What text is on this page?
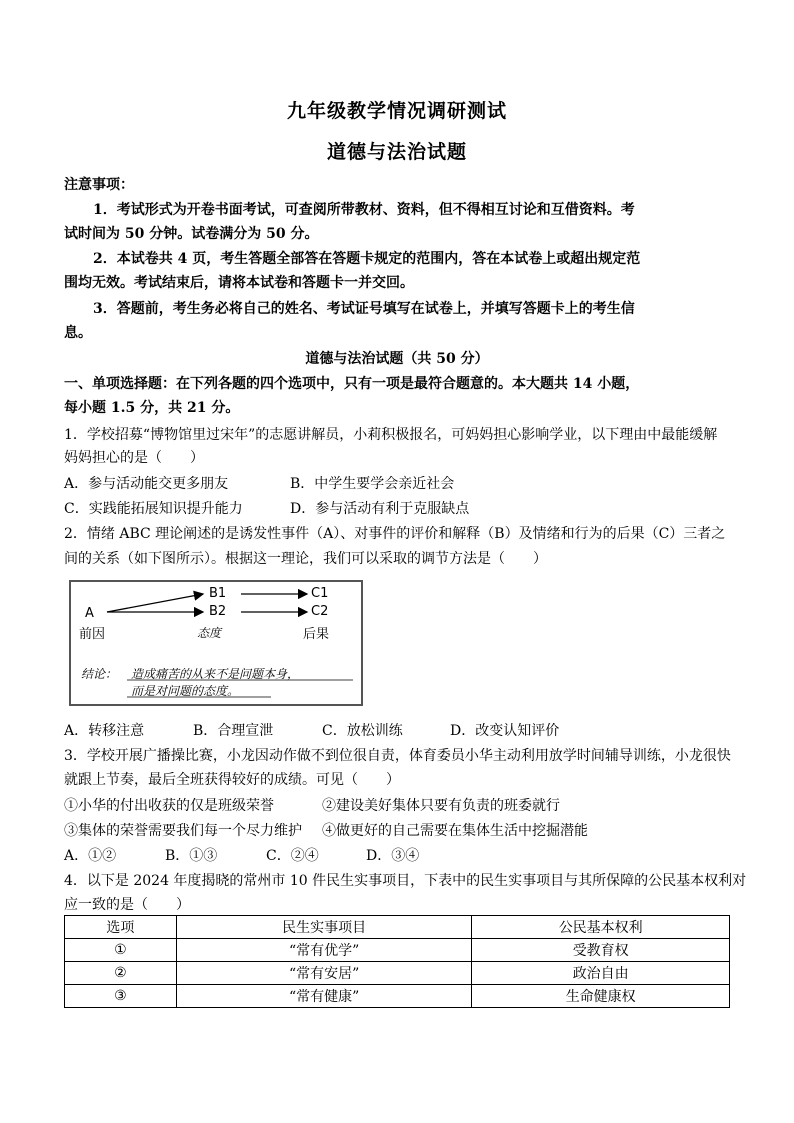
九年级教学情况调研测试
道德与法治试题
注意事项：
1．考试形式为开卷书面考试，可查阅所带教材、资料，但不得相互讨论和互借资料。考
试时间为 50 分钟。试卷满分为 50 分。
2．本试卷共 4 页，考生答题全部答在答题卡规定的范围内，答在本试卷上或超出规定范
围均无效。考试结束后，请将本试卷和答题卡一并交回。
3．答题前，考生务必将自己的姓名、考试证号填写在试卷上，并填写答题卡上的考生信
息。
道德与法治试题（共 50 分）
一、单项选择题：在下列各题的四个选项中，只有一项是最符合题意的。本大题共 14 小题，
每小题 1.5 分，共 21 分。
1．学校招募“博物馆里过宋年”的志愿讲解员，小莉积极报名，可妈妈担心影响学业，以下理由中最能缓解
妈妈担心的是（　　）
A．参与活动能交更多朋友	B．中学生要学会亲近社会
C．实践能拓展知识提升能力	D．参与活动有利于克服缺点
2．情绪 ABC 理论阐述的是诱发性事件（A）、对事件的评价和解释（B）及情绪和行为的后果（C）三者之
间的关系（如下图所示）。根据这一理论，我们可以采取的调节方法是（　　）
A
B1
B2
C1
C2
前因	态度	后果
结论： 造成痛苦的从来不是问题本身，
而是对问题的态度。
A．转移注意	B．合理宣泄	C．放松训练	D．改变认知评价
3．学校开展广播操比赛，小龙因动作做不到位很自责，体育委员小华主动利用放学时间辅导训练，小龙很快
就跟上节奏，最后全班获得较好的成绩。可见（　　）
①小华的付出收获的仅是班级荣誉	②建设美好集体只要有负责的班委就行
③集体的荣誉需要我们每一个尽力维护 ④做更好的自己需要在集体生活中挖掘潜能
A．①②	B．①③	C．②④	D．③④
4．以下是 2024 年度揭晓的常州市 10 件民生实事项目，下表中的民生实事项目与其所保障的公民基本权利对
应一致的是（　　）
选项	民生实事项目	公民基本权利
①	“常有优学”	受教育权
②	“常有安居”	政治自由
③	“常有健康”	生命健康权
